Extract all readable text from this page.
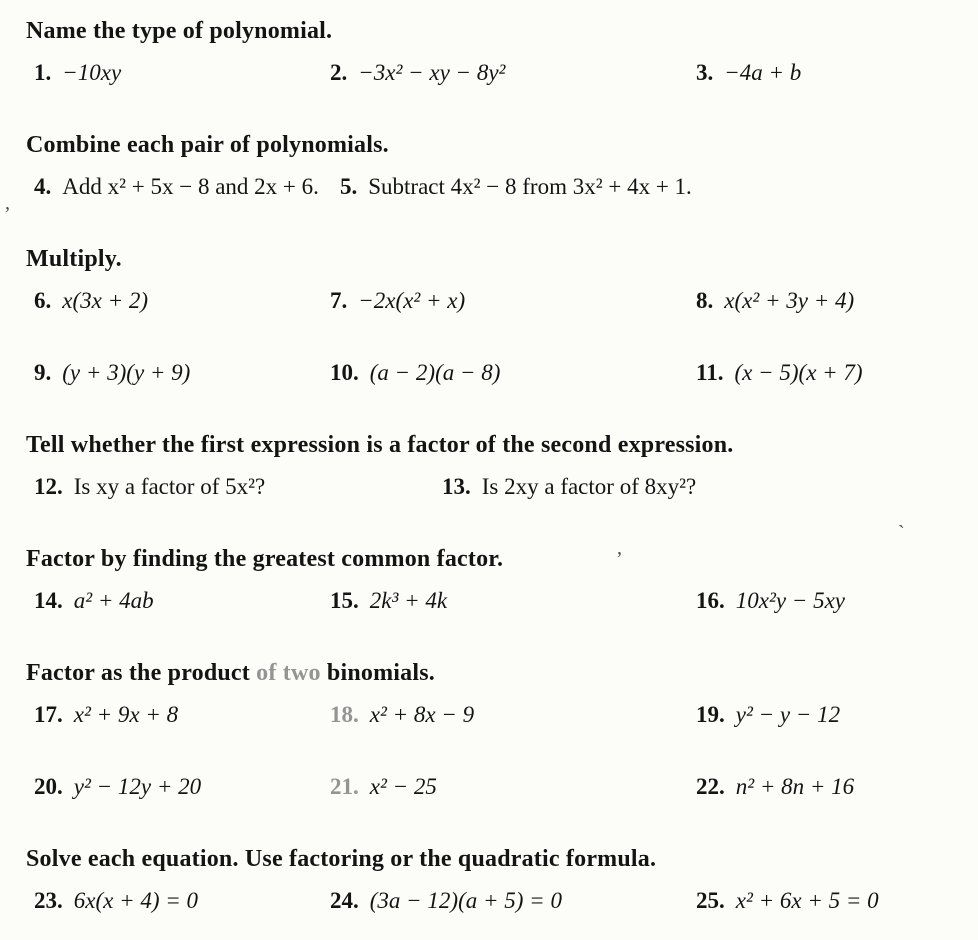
Name the type of polynomial.
1. −10xy	2. −3x² − xy − 8y²	3. −4a + b
Combine each pair of polynomials.
4. Add x² + 5x − 8 and 2x + 6. 5. Subtract 4x² − 8 from 3x² + 4x + 1.
Multiply.
6. x(3x + 2)	7. −2x(x² + x)	8. x(x² + 3y + 4)
9. (y + 3)(y + 9)	10. (a − 2)(a − 8)	11. (x − 5)(x + 7)
Tell whether the first expression is a factor of the second expression.
12. Is xy a factor of 5x²?	13. Is 2xy a factor of 8xy²?
Factor by finding the greatest common factor.
14. a² + 4ab	15. 2k³ + 4k	16. 10x²y − 5xy
Factor as the product of two binomials.
17. x² + 9x + 8	18. x² + 8x − 9	19. y² − y − 12
20. y² − 12y + 20	21. x² − 25	22. n² + 8n + 16
Solve each equation. Use factoring or the quadratic formula.
23. 6x(x + 4) = 0	24. (3a − 12)(a + 5) = 0	25. x² + 6x + 5 = 0
’
`
,
